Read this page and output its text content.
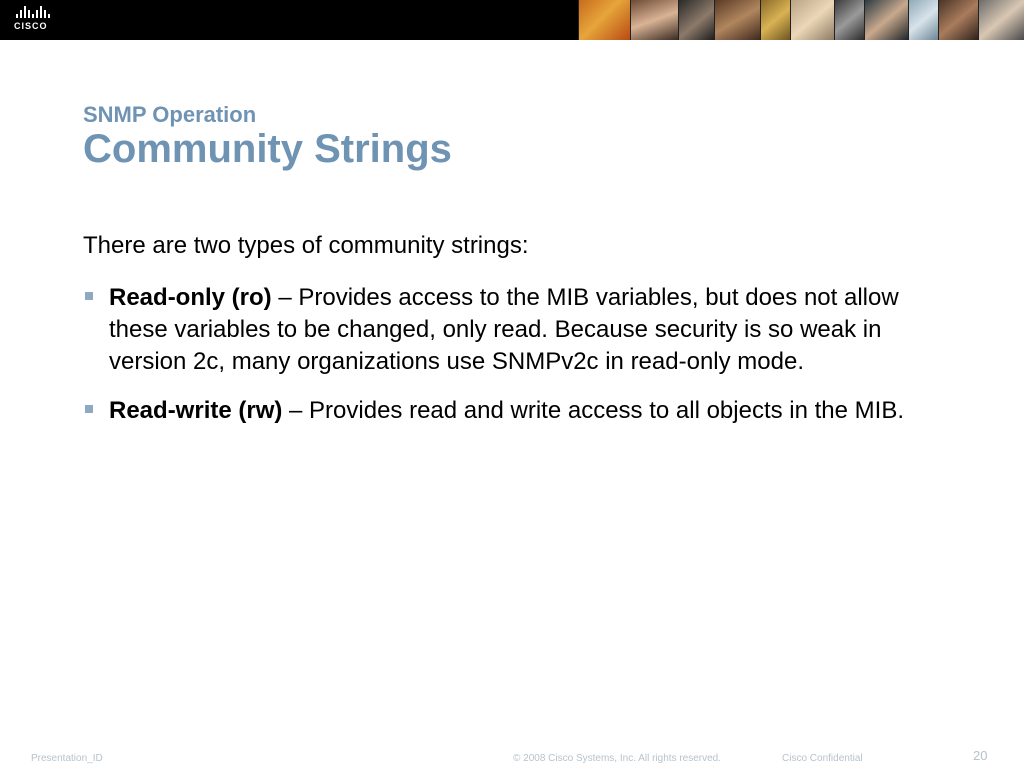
CISCO
SNMP Operation
Community Strings
There are two types of community strings:
Read-only (ro) – Provides access to the MIB variables, but does not allow these variables to be changed, only read. Because security is so weak in version 2c, many organizations use SNMPv2c in read-only mode.
Read-write (rw) – Provides read and write access to all objects in the MIB.
Presentation_ID	© 2008 Cisco Systems, Inc. All rights reserved.	Cisco Confidential	20
